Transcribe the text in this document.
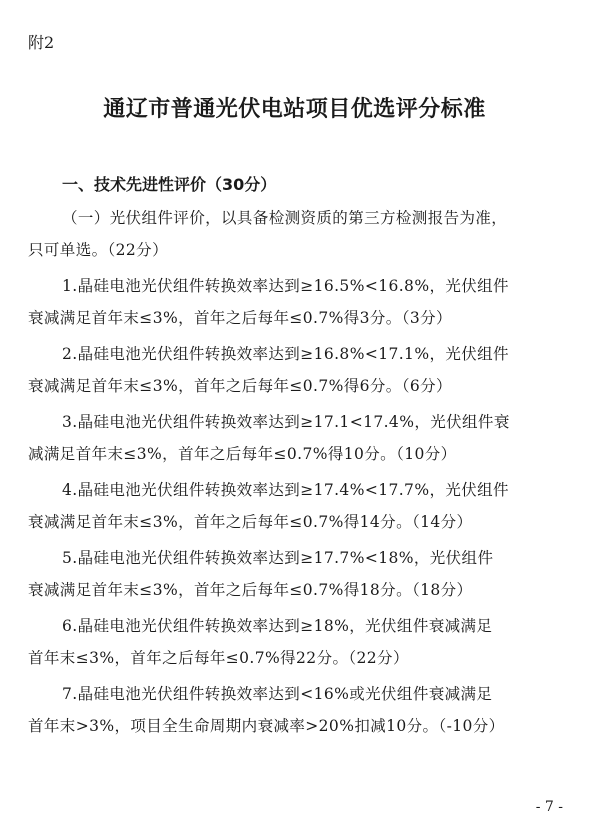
附2
通辽市普通光伏电站项目优选评分标准
一、技术先进性评价（30分）
（一）光伏组件评价，以具备检测资质的第三方检测报告为准，
只可单选。（22分）
1.晶硅电池光伏组件转换效率达到≥16.5%<16.8%，光伏组件
衰减满足首年末≤3%，首年之后每年≤0.7%得3分。（3分）
2.晶硅电池光伏组件转换效率达到≥16.8%<17.1%，光伏组件
衰减满足首年末≤3%，首年之后每年≤0.7%得6分。（6分）
3.晶硅电池光伏组件转换效率达到≥17.1<17.4%，光伏组件衰
减满足首年末≤3%，首年之后每年≤0.7%得10分。（10分）
4.晶硅电池光伏组件转换效率达到≥17.4%<17.7%，光伏组件
衰减满足首年末≤3%，首年之后每年≤0.7%得14分。（14分）
5.晶硅电池光伏组件转换效率达到≥17.7%<18%，光伏组件
衰减满足首年末≤3%，首年之后每年≤0.7%得18分。（18分）
6.晶硅电池光伏组件转换效率达到≥18%，光伏组件衰减满足
首年末≤3%，首年之后每年≤0.7%得22分。（22分）
7.晶硅电池光伏组件转换效率达到<16%或光伏组件衰减满足
首年末>3%，项目全生命周期内衰减率>20%扣减10分。（-10分）
- 7 -
